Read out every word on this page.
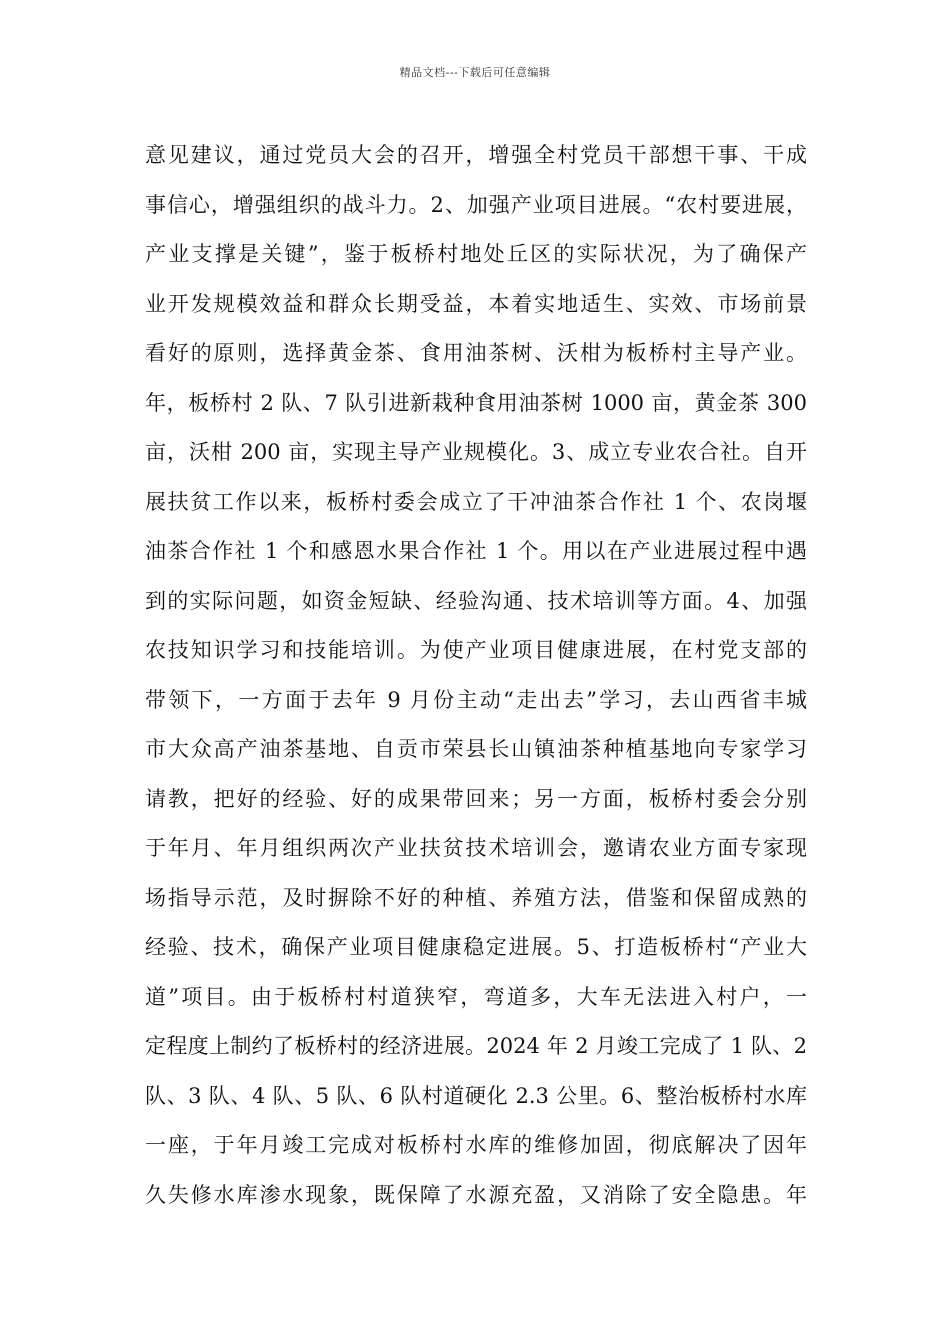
精品文档---下载后可任意编辑
意见建议，通过党员大会的召开，增强全村党员干部想干事、干成
事信心，增强组织的战斗力。2、加强产业项目进展。“农村要进展，
产业支撑是关键”，鉴于板桥村地处丘区的实际状况，为了确保产
业开发规模效益和群众长期受益，本着实地适生、实效、市场前景
看好的原则，选择黄金茶、食用油茶树、沃柑为板桥村主导产业。
年，板桥村 2 队、7 队引进新栽种食用油茶树 1000 亩，黄金茶 300
亩，沃柑 200 亩，实现主导产业规模化。3、成立专业农合社。自开
展扶贫工作以来，板桥村委会成立了干冲油茶合作社 1 个、农岗堰
油茶合作社 1 个和感恩水果合作社 1 个。用以在产业进展过程中遇
到的实际问题，如资金短缺、经验沟通、技术培训等方面。4、加强
农技知识学习和技能培训。为使产业项目健康进展，在村党支部的
带领下，一方面于去年 9 月份主动“走出去”学习，去山西省丰城
市大众高产油茶基地、自贡市荣县长山镇油茶种植基地向专家学习
请教，把好的经验、好的成果带回来；另一方面，板桥村委会分别
于年月、年月组织两次产业扶贫技术培训会，邀请农业方面专家现
场指导示范，及时摒除不好的种植、养殖方法，借鉴和保留成熟的
经验、技术，确保产业项目健康稳定进展。5、打造板桥村“产业大
道”项目。由于板桥村村道狭窄，弯道多，大车无法进入村户，一
定程度上制约了板桥村的经济进展。2024 年 2 月竣工完成了 1 队、2
队、3 队、4 队、5 队、6 队村道硬化 2.3 公里。6、整治板桥村水库
一座，于年月竣工完成对板桥村水库的维修加固，彻底解决了因年
久失修水库渗水现象，既保障了水源充盈，又消除了安全隐患。年
